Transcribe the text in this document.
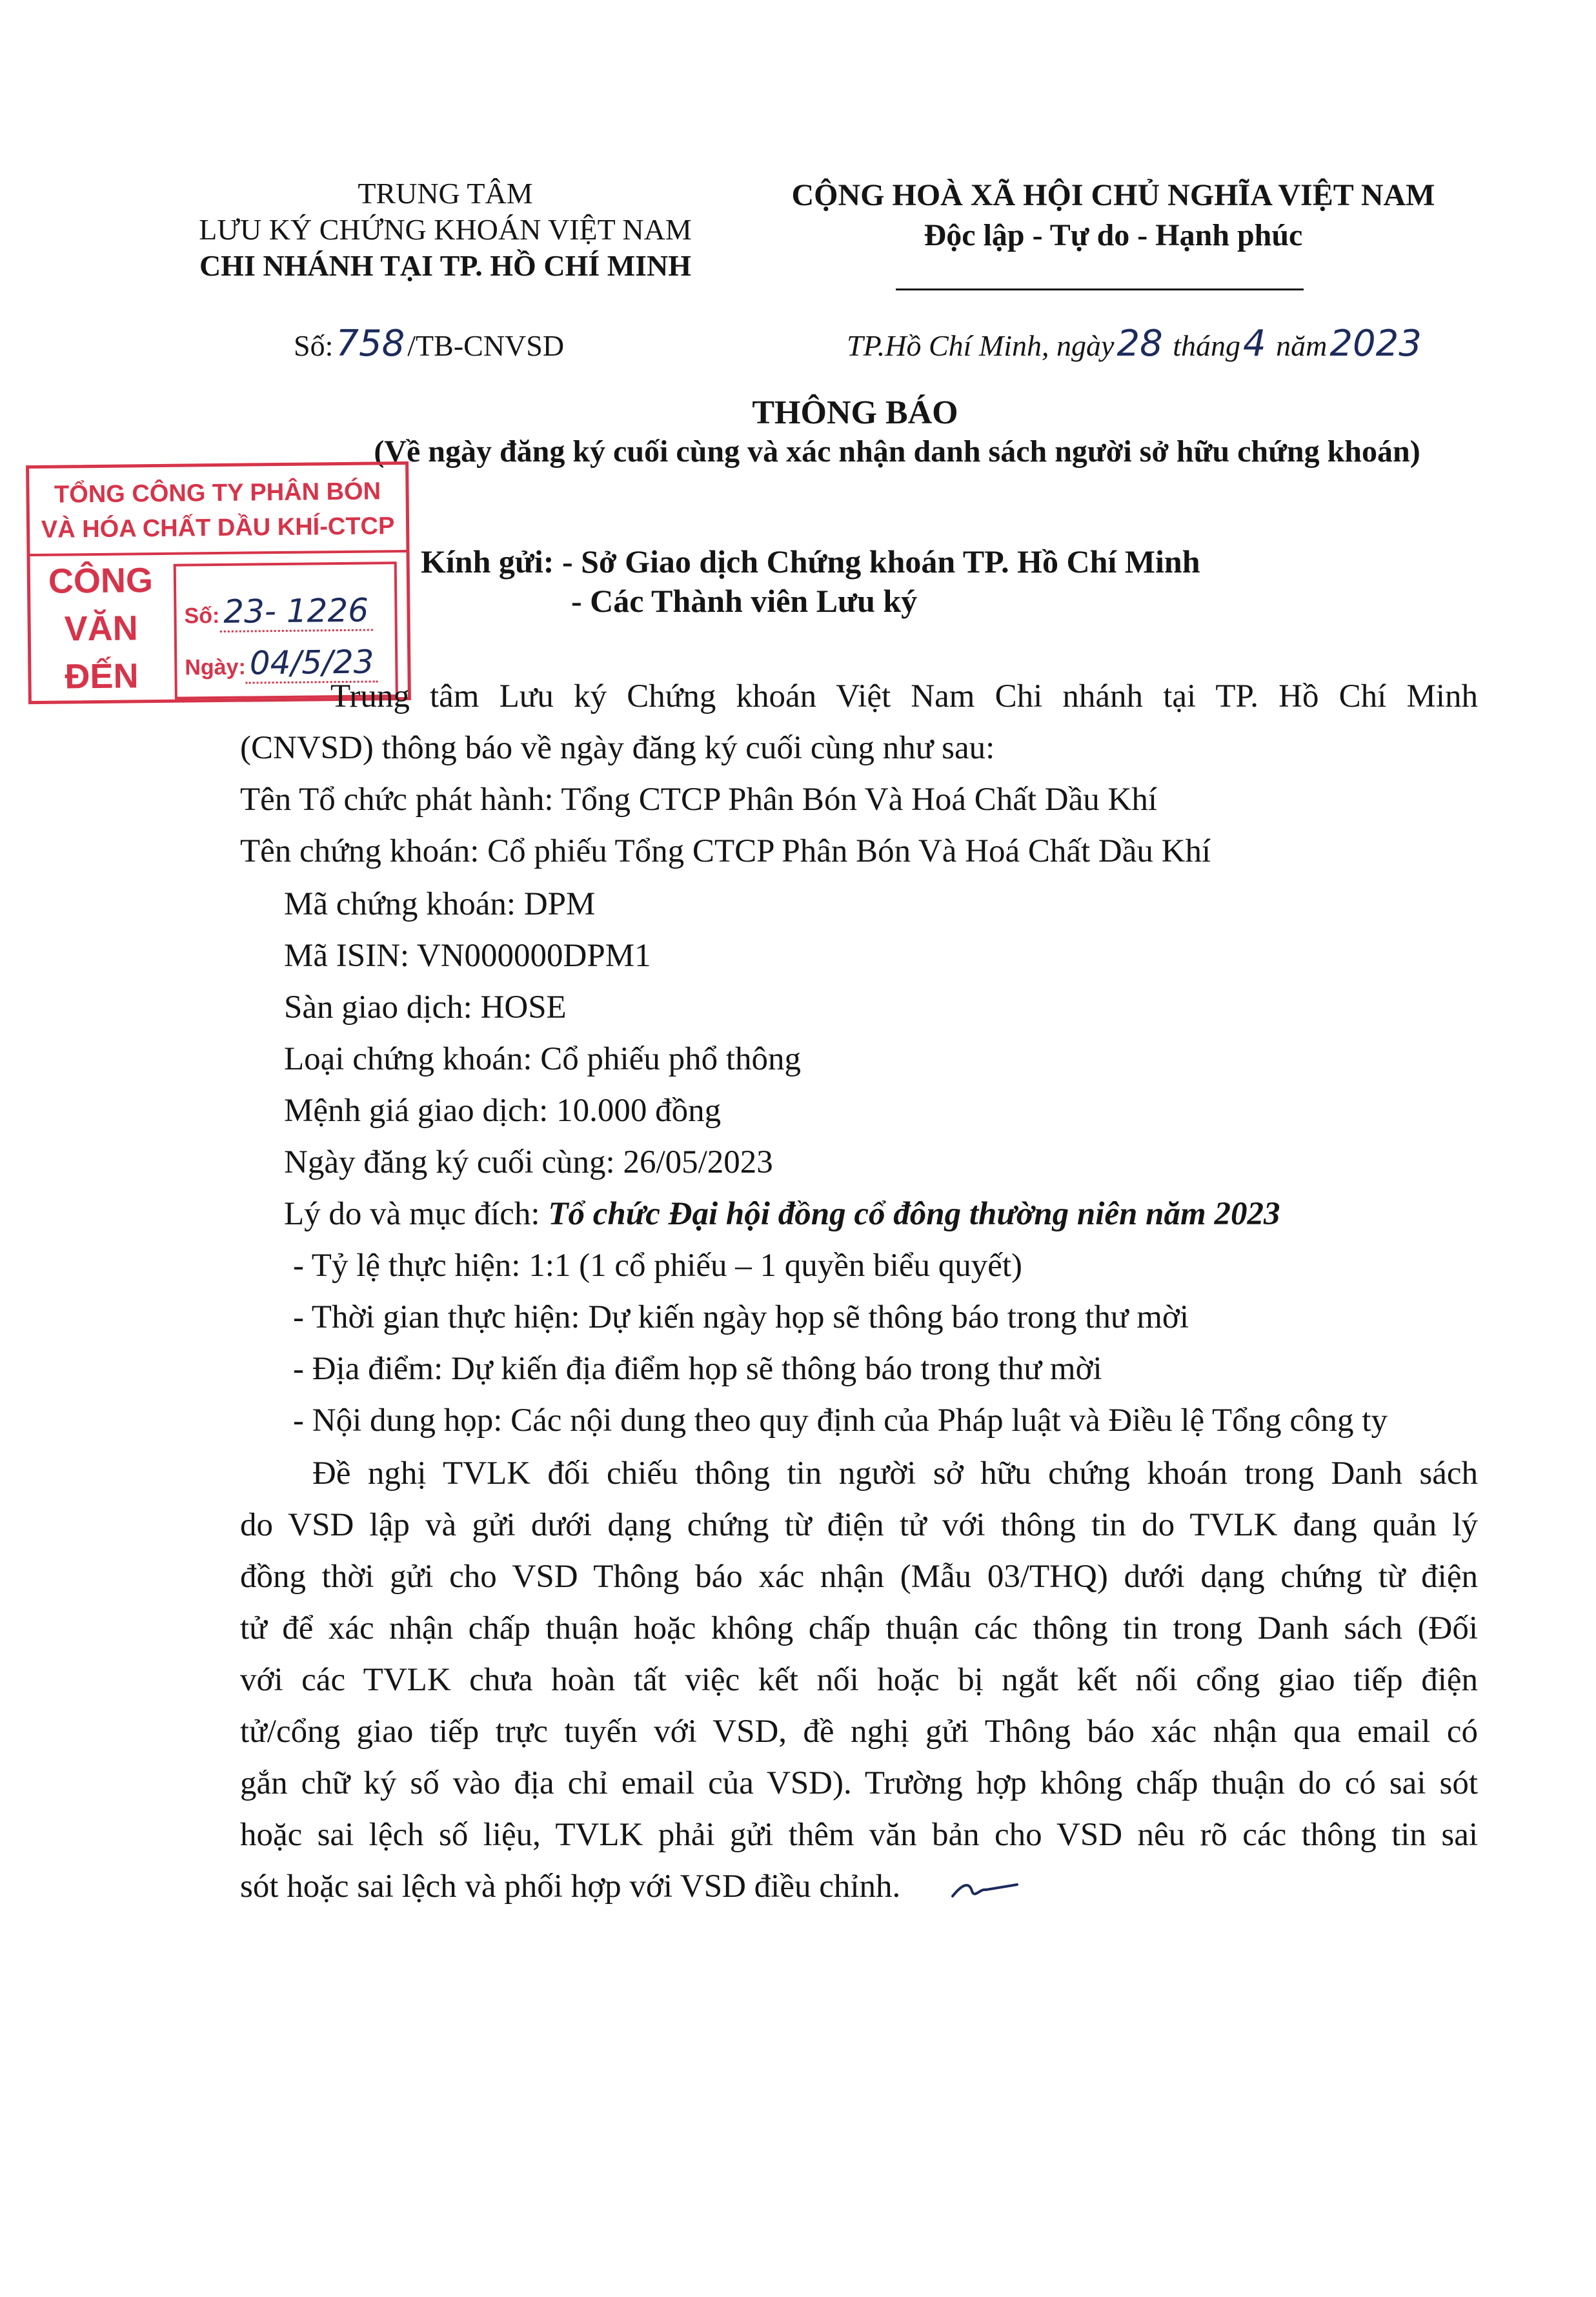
TRUNG TÂM
LƯU KÝ CHỨNG KHOÁN VIỆT NAM
CHI NHÁNH TẠI TP. HỒ CHÍ MINH
CỘNG HOÀ XÃ HỘI CHỦ NGHĨA VIỆT NAM
Độc lập - Tự do - Hạnh phúc
Số:758/TB-CNVSD	TP.Hồ Chí Minh, ngày28 tháng4 năm2023
THÔNG BÁO
(Về ngày đăng ký cuối cùng và xác nhận danh sách người sở hữu chứng khoán)
TỔNG CÔNG TY PHÂN BÓN
VÀ HÓA CHẤT DẦU KHÍ-CTCP
CÔNG
VĂN
ĐẾN
Số: 23- 1226
Ngày: 04/5/23
Kính gửi: - Sở Giao dịch Chứng khoán TP. Hồ Chí Minh
- Các Thành viên Lưu ký
Trung tâm Lưu ký Chứng khoán Việt Nam Chi nhánh tại TP. Hồ Chí Minh
(CNVSD) thông báo về ngày đăng ký cuối cùng như sau:
Tên Tổ chức phát hành: Tổng CTCP Phân Bón Và Hoá Chất Dầu Khí
Tên chứng khoán: Cổ phiếu Tổng CTCP Phân Bón Và Hoá Chất Dầu Khí
Mã chứng khoán: DPM
Mã ISIN: VN000000DPM1
Sàn giao dịch: HOSE
Loại chứng khoán: Cổ phiếu phổ thông
Mệnh giá giao dịch: 10.000 đồng
Ngày đăng ký cuối cùng: 26/05/2023
Lý do và mục đích: Tổ chức Đại hội đồng cổ đông thường niên năm 2023
- Tỷ lệ thực hiện: 1:1 (1 cổ phiếu – 1 quyền biểu quyết)
- Thời gian thực hiện: Dự kiến ngày họp sẽ thông báo trong thư mời
- Địa điểm: Dự kiến địa điểm họp sẽ thông báo trong thư mời
- Nội dung họp: Các nội dung theo quy định của Pháp luật và Điều lệ Tổng công ty
Đề nghị TVLK đối chiếu thông tin người sở hữu chứng khoán trong Danh sách
do VSD lập và gửi dưới dạng chứng từ điện tử với thông tin do TVLK đang quản lý
đồng thời gửi cho VSD Thông báo xác nhận (Mẫu 03/THQ) dưới dạng chứng từ điện
tử để xác nhận chấp thuận hoặc không chấp thuận các thông tin trong Danh sách (Đối
với các TVLK chưa hoàn tất việc kết nối hoặc bị ngắt kết nối cổng giao tiếp điện
tử/cổng giao tiếp trực tuyến với VSD, đề nghị gửi Thông báo xác nhận qua email có
gắn chữ ký số vào địa chỉ email của VSD). Trường hợp không chấp thuận do có sai sót
hoặc sai lệch số liệu, TVLK phải gửi thêm văn bản cho VSD nêu rõ các thông tin sai
sót hoặc sai lệch và phối hợp với VSD điều chỉnh.
